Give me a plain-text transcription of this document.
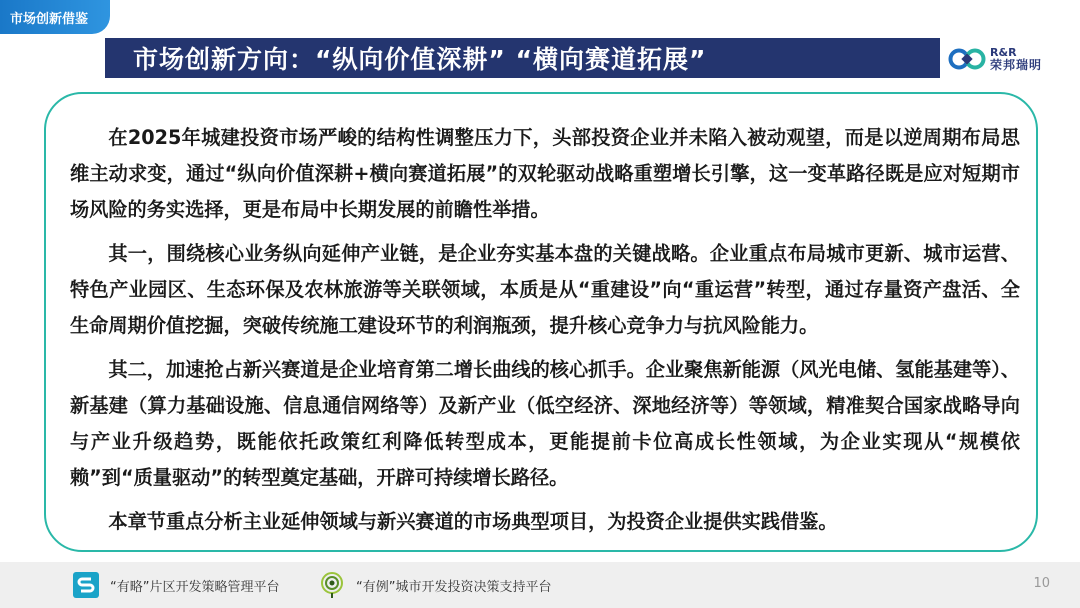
市场创新借鉴
市场创新方向：“纵向价值深耕” “横向赛道拓展”	R&R
荣邦瑞明

在2025年城建投资市场严峻的结构性调整压力下，头部投资企业并未陷入被动观望，而是以逆周期布局思维主动求变，通过“纵向价值深耕+横向赛道拓展”的双轮驱动战略重塑增长引擎，这一变革路径既是应对短期市场风险的务实选择，更是布局中长期发展的前瞻性举措。

其一，围绕核心业务纵向延伸产业链，是企业夯实基本盘的关键战略。企业重点布局城市更新、城市运营、特色产业园区、生态环保及农林旅游等关联领域，本质是从“重建设”向“重运营”转型，通过存量资产盘活、全生命周期价值挖掘，突破传统施工建设环节的利润瓶颈，提升核心竞争力与抗风险能力。

其二，加速抢占新兴赛道是企业培育第二增长曲线的核心抓手。企业聚焦新能源（风光电储、氢能基建等）、新基建（算力基础设施、信息通信网络等）及新产业（低空经济、深地经济等）等领域，精准契合国家战略导向与产业升级趋势，既能依托政策红利降低转型成本，更能提前卡位高成长性领域，为企业实现从“规模依赖”到“质量驱动”的转型奠定基础，开辟可持续增长路径。

本章节重点分析主业延伸领域与新兴赛道的市场典型项目，为投资企业提供实践借鉴。

“有略”片区开发策略管理平台	“有例”城市开发投资决策支持平台	10
